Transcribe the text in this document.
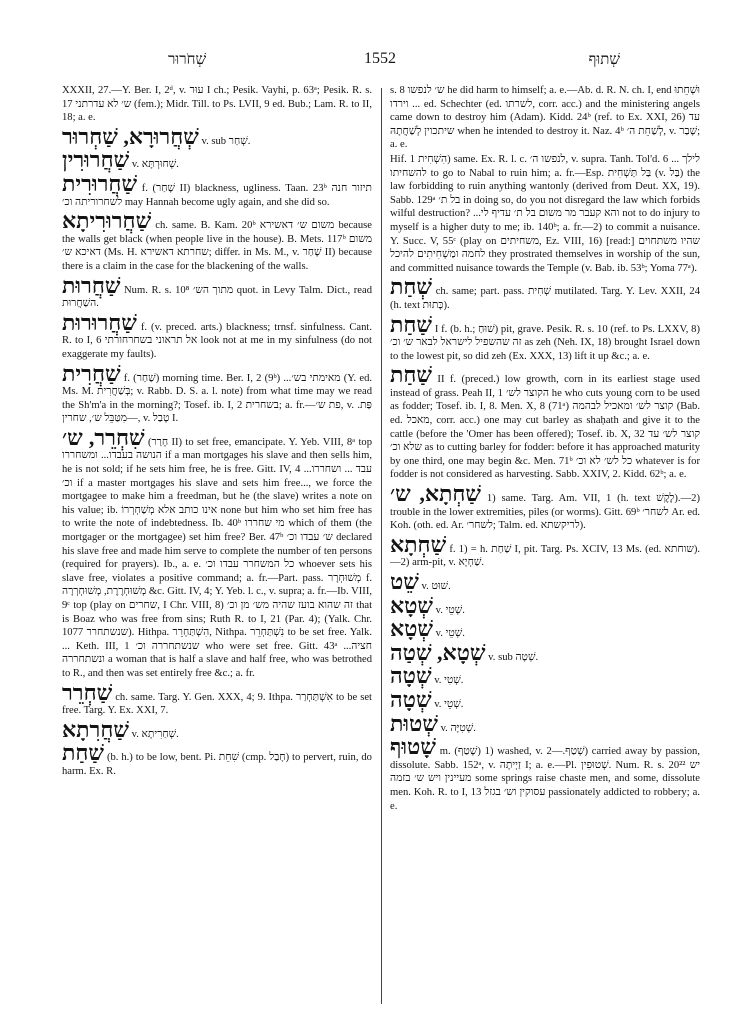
שְׁחֹרוּר	1552	שְׁתוּף

XXXII, 27.—Y. Ber. I, 2ᵈ, v. עוּר I ch.; Pesik. Vayhi, p. 63ᵃ; Pesik. R. s. 17 ש׳ לא עדרתני (fem.); Midr. Till. to Ps. LVII, 9 ed. Bub.; Lam. R. to II, 18; a. e.

שְׁחֲרוּרָא, שַׁחְרוּר v. sub שְׁחַר.

שַׁחֲרוּרִין v. שְׁחוּרְתָּא.

שַׁחֲרוּרִית f. (שָׁחַר II) blackness, ugliness. Taan. 23ᵇ תיזור חנה לשחרוריתה וכ׳ may Hannah become ugly again, and she did so.

שַׁחֲרוּרִיתָא ch. same. B. Kam. 20ᵇ משום ש׳ דאשירא because the walls get black (when people live in the house). B. Mets. 117ᵇ משום דאיכא ש׳ (Ms. H. שחרתא דאשירא; differ. in Ms. M., v. שָׁחַר II) because there is a claim in the case for the blackening of the walls.

שַׁחֲרוּת Num. R. s. 10⁸ מתוך הש׳ quot. in Levy Talm. Dict., read השַׁחֲרוּת.

שַׁחֲרוּרוּת f. (v. preced. arts.) blackness; trnsf. sinfulness. Cant. R. to I, 6 אל תראוני בשחרחורתי look not at me in my sinfulness (do not exaggerate my faults).

שַׁחֲרִית f. (שַׁחַר) morning time. Ber. I, 2 (9ᵇ) ...מאימתי בש׳ (Y. ed. Ms. M. בְּשַׁחֲרִית; v. Rabb. D. S. a. l. note) from what time may we read the Sh'm'a in the morning?; Tosef. ib. I, 2 בשחרית; a. fr.—פת ש׳, v. פַּת.—מִטַּבֵּל ש׳, שחרין, v. טָבַל I.

שִׁחְרֵר, ש׳ (חָרַר II) to set free, emancipate. Y. Yeb. VIII, 8ᵃ top הנושה בעבדו... ומשחררו if a man mortgages his slave and then sells him, he is not sold; if he sets him free, he is free. Gitt. IV, 4 ...עבד ... ושחררו וכ׳ if a master mortgages his slave and sets him free..., we force the mortgagee to make him a freedman, but he (the slave) writes a note on his value; ib. אינו כותב אלא מְשַׁחְרְרוֹ none but him who set him free has to write the note of indebtedness. Ib. 40ᵇ מי שחררו which of them (the mortgager or the mortgagee) set him free? Ber. 47ᵇ ש׳ עבדו וכ׳ declared his slave free and made him serve to complete the number of ten persons (required for prayers). Ib., a. e. כל המשחרר עבדו וכ׳ whoever sets his slave free, violates a positive command; a. fr.—Part. pass. מְשׁוּחְרָר f. מְשׁוּחְרֶרֶת, מְשׁוּחְרְרָה &c. Gitt. IV, 4; Y. Yeb. l. c., v. supra; a. fr.—Ib. VIII, 9ᶜ top (play on שחרים, I Chr. VIII, 8) זה שהוא בועז שהיה מש׳ מן וכ׳ that is Boaz who was free from sins; Ruth R. to I, 21 (Par. 4); (Yalk. Chr. 1077 שנשתחרר). Hithpa. הִשְׁתַּחְרֵר, Nithpa. נִשְׁתַּחְרֵר to be set free. Yalk. ... Keth. III, 1 שנשתחררה וכ׳ who were set free. Gitt. 43ᵃ ...חציה ונשתחררה a woman that is half a slave and half free, who was betrothed to R., and then was set entirely free &c.; a. fr.

שַׁחְרֵר ch. same. Targ. Y. Gen. XXX, 4; 9. Ithpa. אִשְׁתַּחְרַר to be set free. Targ. Y. Ex. XXI, 7.

שַׁחֲרִתָא v. שְׁחַרִיתָא.

שַׁחַת (b. h.) to be low, bent. Pi. שִׁחֵת (cmp. חָבַל) to pervert, ruin, do harm. Ex. R.

s. 8 ש׳ לנפשו he did harm to himself; a. e.—Ab. d. R. N. ch. I, end וּשְׁחֵתוּ ... וירדו ed. Schechter (ed. לשרתו, corr. acc.) and the ministering angels came down to destroy him (Adam). Kidd. 24ᵇ (ref. to Ex. XXI, 26) עד שיתכוין לְשַׁחֲתָהּ when he intended to destroy it. Naz. 4ᵇ לְשַׁחֵת ה׳, v. שָׁבַר; a. e.

Hif. הִשְׁחִית 1) same. Ex. R. l. c. לנפשו ה׳, v. supra. Tanh. Tol'd. 6 לילך ... להשחיתו to go to Nabal to ruin him; a. fr.—Esp. בַּל תַּשְׁחִית (v. בַּל) the law forbidding to ruin anything wantonly (derived from Deut. XX, 19). Sabb. 129ᵃ בל ת׳ in doing so, do you not disregard the law which forbids wilful destruction? ...והא קעבר מר משום בל ת׳ עדיף לי not to do injury to myself is a higher duty to me; ib. 140ᵇ; a. fr.—2) to commit a nuisance. Y. Succ. V, 55ᶜ (play on משחיתים, Ez. VIII, 16) [read:] שהיו משתחוים לחמה ומַשְׁחִיתִים להיכל they prostrated themselves in worship of the sun, and committed nuisance towards the Temple (v. Bab. ib. 53ᵇ; Yoma 77ᵃ).

שְׁחַת ch. same; part. pass. שְׁחִית mutilated. Targ. Y. Lev. XXII, 24 (h. text כָּתוּת).

שַׁחַת I f. (b. h.; שׁוּחַ) pit, grave. Pesik. R. s. 10 (ref. to Ps. LXXV, 8) זה שהשפיל לישראל לבאר ש׳ וכ׳ as zeh (Neh. IX, 18) brought Israel down to the lowest pit, so did zeh (Ex. XXX, 13) lift it up &c.; a. e.

שַׁחַת II f. (preced.) low growth, corn in its earliest stage used instead of grass. Peah II, 1 הקוצר לש׳ he who cuts young corn to be used as fodder; Tosef. ib. I, 8. Men. X, 8 (71ᵃ) קוצר לש׳ ומאכיל לבהמה (Bab. ed. מאכל, corr. acc.) one may cut barley as shaḥath and give it to the cattle (before the 'Omer has been offered); Tosef. ib. X, 32 קוצר לש׳ עד שלא וכ׳ as to cutting barley for fodder: before it has approached maturity by one third, one may begin &c. Men. 71ᵇ כל לש׳ לא וכ׳ whatever is for fodder is not considered as harvesting. Sabb. XXIV, 2. Kidd. 62ᵇ; a. e.

שַׁחְתָא, ש׳ 1) same. Targ. Am. VII, 1 (h. text לֶקֶשׁ).—2) trouble in the lower extremities, piles (or worms). Gitt. 69ᵇ לשחר׳ Ar. ed. Koh. (oth. ed. Ar. לשחר׳; Talm. ed. לריקשתא).

שַׁחְתָא f. 1) = h. שַׁחַת I, pit. Targ. Ps. XCIV, 13 Ms. (ed. שוחתא).—2) arm-pit, v. שַׁחְיָא.

שֵׁט v. שׁוּט.

שְׁטָא v. שְׁטֵי.

שְׁטָא v. שְׁטֵי.

שְׁטָא, שְׁטַה v. sub שְׁטָה.

שְׁטָה v. שְׁטִי.

שְׁטָה v. שְׁטֵי.

שְׁטוּת v. שְׁטִיָּה.

שָׁטוּף m. (שָׁטַף) 1) washed, v. שְׁטַף.—2) carried away by passion, dissolute. Sabb. 152ᵃ, v. זַיְיתָה I; a. e.—Pl. שְׁטוּפִין. Num. R. s. 20²² יש מעיינין ויש ש׳ בזמה some springs raise chaste men, and some, dissolute men. Koh. R. to I, 13 עסוקין וש׳ בגזל passionately addicted to robbery; a. e.
